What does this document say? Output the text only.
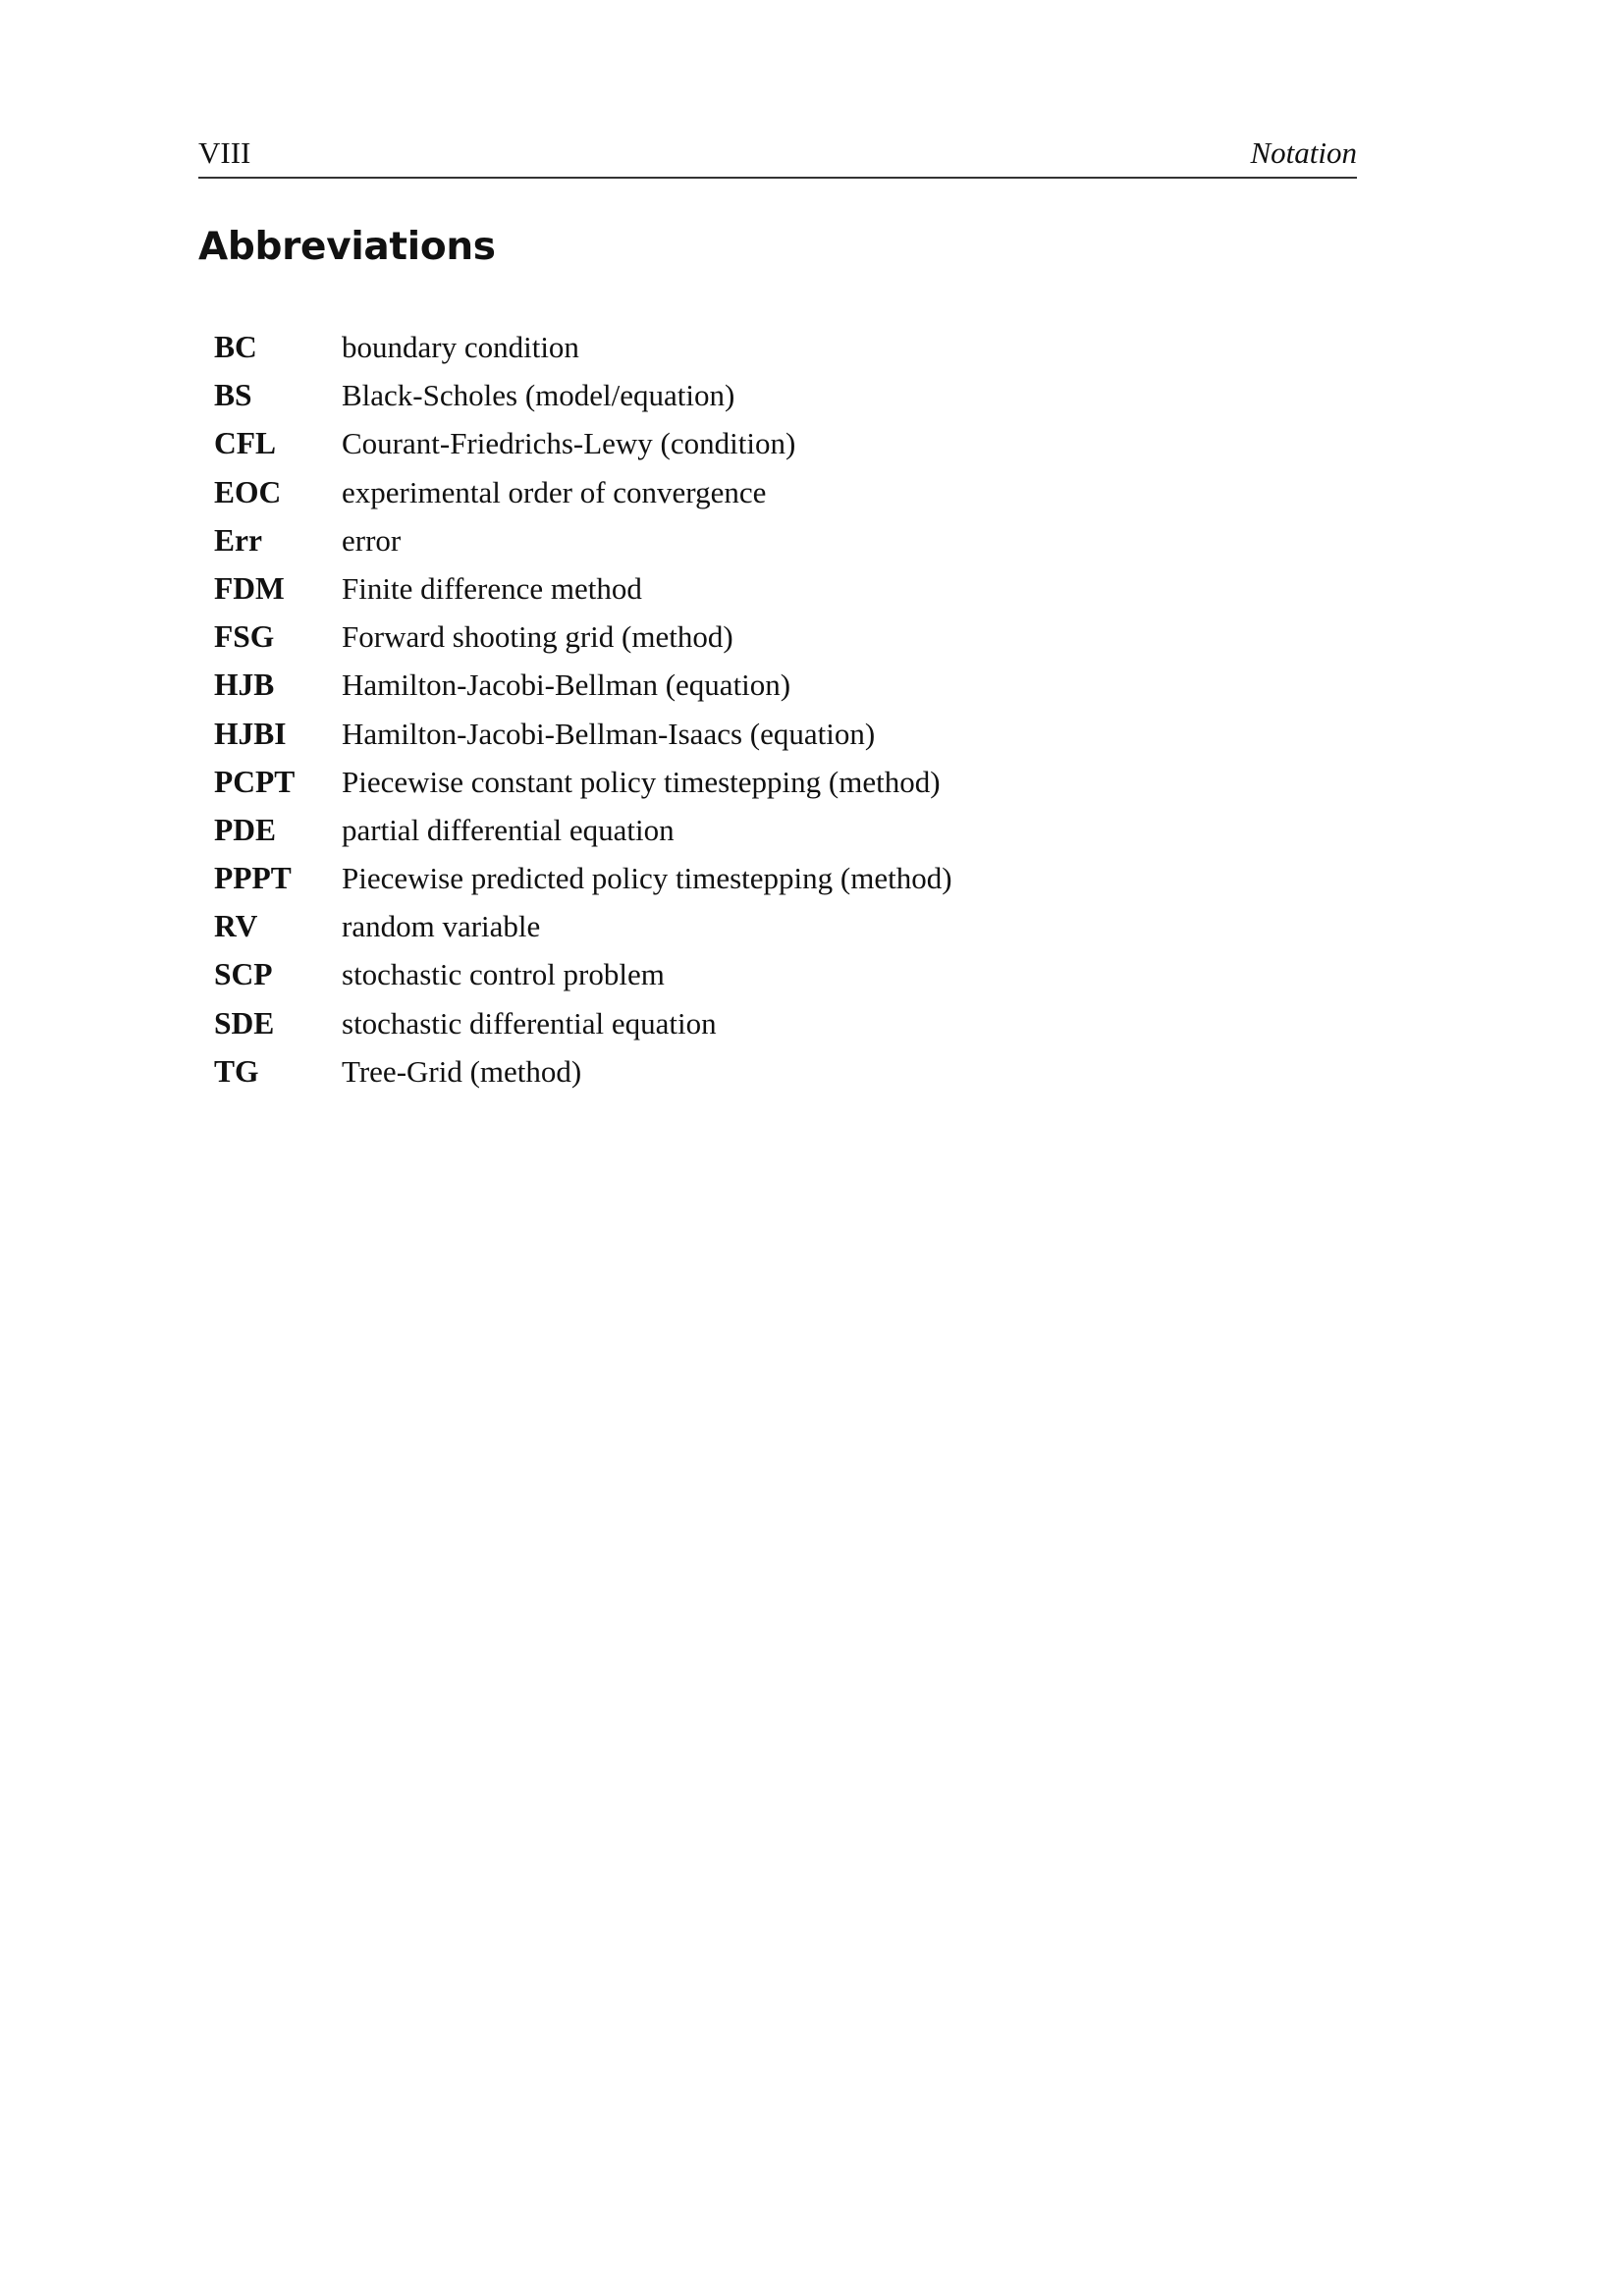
VIII	Notation
Abbreviations
BC	boundary condition
BS	Black-Scholes (model/equation)
CFL	Courant-Friedrichs-Lewy (condition)
EOC	experimental order of convergence
Err	error
FDM	Finite difference method
FSG	Forward shooting grid (method)
HJB	Hamilton-Jacobi-Bellman (equation)
HJBI	Hamilton-Jacobi-Bellman-Isaacs (equation)
PCPT	Piecewise constant policy timestepping (method)
PDE	partial differential equation
PPPT	Piecewise predicted policy timestepping (method)
RV	random variable
SCP	stochastic control problem
SDE	stochastic differential equation
TG	Tree-Grid (method)
